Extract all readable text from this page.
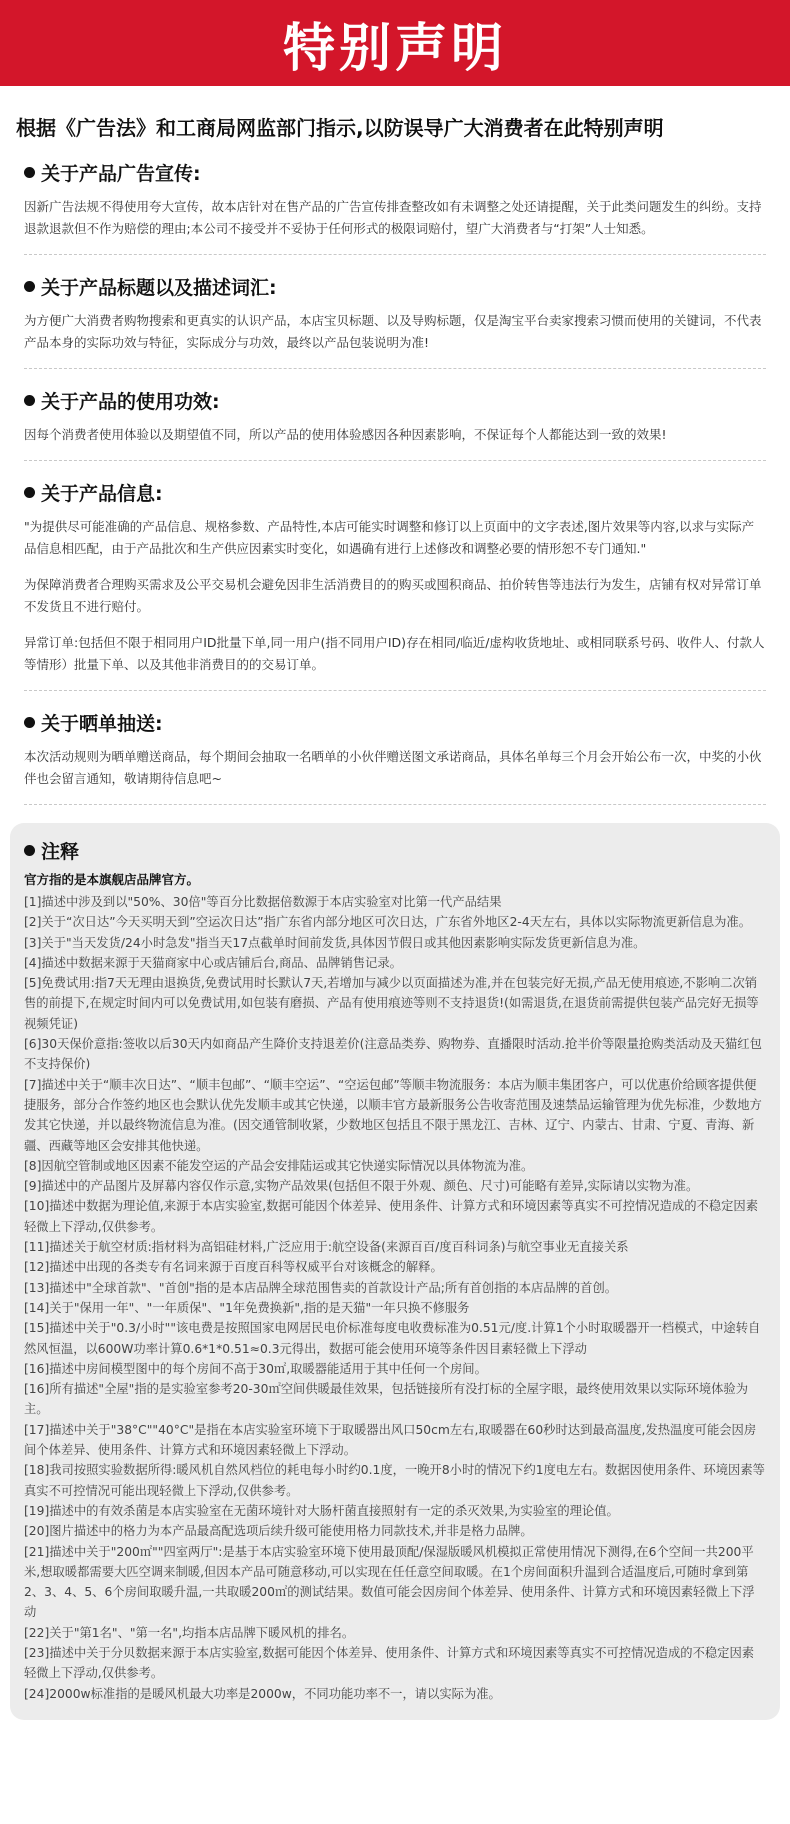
特别声明
根据《广告法》和工商局网监部门指示,以防误导广大消费者在此特别声明
关于产品广告宣传:

因新广告法规不得使用夸大宣传，故本店针对在售产品的广告宣传排查整改如有未调整之处还请提醒，关于此类问题发生的纠纷。支持退款退款但不作为赔偿的理由;本公司不接受并不妥协于任何形式的极限词赔付，望广大消费者与“打架”人士知悉。

关于产品标题以及描述词汇:

为方便广大消费者购物搜索和更真实的认识产品，本店宝贝标题、以及导购标题，仅是淘宝平台卖家搜索习惯而使用的关键词，不代表产品本身的实际功效与特征，实际成分与功效，最终以产品包装说明为准!

关于产品的使用功效:

因每个消费者使用体验以及期望值不同，所以产品的使用体验感因各种因素影响，不保证每个人都能达到一致的效果!

关于产品信息:

"为提供尽可能准确的产品信息、规格参数、产品特性,本店可能实时调整和修订以上页面中的文字表述,图片效果等内容,以求与实际产品信息相匹配，由于产品批次和生产供应因素实时变化，如遇确有进行上述修改和调整必要的情形恕不专门通知."

为保障消费者合理购买需求及公平交易机会避免因非生活消费目的的购买或囤积商品、拍价转售等违法行为发生，店铺有权对异常订单不发货且不进行赔付。

异常订单:包括但不限于相同用户ID批量下单,同一用户(指不同用户ID)存在相同/临近/虚构收货地址、或相同联系号码、收件人、付款人等情形）批量下单、以及其他非消费目的的交易订单。

关于晒单抽送:

本次活动规则为晒单赠送商品，每个期间会抽取一名晒单的小伙伴赠送图文承诺商品，具体名单每三个月会开始公布一次，中奖的小伙伴也会留言通知，敬请期待信息吧~

注释

官方指的是本旗舰店品牌官方。

[1]描述中涉及到以"50%、30倍"等百分比数据倍数源于本店实验室对比第一代产品结果

[2]关于“次日达”今天买明天到”空运次日达”指广东省内部分地区可次日达，广东省外地区2-4天左右，具体以实际物流更新信息为准。

[3]关于"当天发货/24小时急发"指当天17点截单时间前发货,具体因节假日或其他因素影响实际发货更新信息为准。

[4]描述中数据来源于天猫商家中心或店铺后台,商品、品牌销售记录。

[5]免费试用:指7天无理由退换货,免费试用时长默认7天,若增加与减少以页面描述为准,并在包装完好无损,产品无使用痕迹,不影响二次销售的前提下,在规定时间内可以免费试用,如包装有磨损、产品有使用痕迹等则不支持退货!(如需退货,在退货前需提供包装产品完好无损等视频凭证)

[6]30天保价意指:签收以后30天内如商品产生降价支持退差价(注意品类券、购物券、直播限时活动.抢半价等限量抢购类活动及天猫红包不支持保价)

[7]描述中关于“顺丰次日达”、“顺丰包邮”、“顺丰空运”、“空运包邮”等顺丰物流服务：本店为顺丰集团客户，可以优惠价给顾客提供便捷服务，部分合作签约地区也会默认优先发顺丰或其它快递，以顺丰官方最新服务公告收寄范围及速禁品运输管理为优先标准，少数地方发其它快递，并以最终物流信息为准。(因交通管制收紧，少数地区包括且不限于黑龙江、吉林、辽宁、内蒙古、甘肃、宁夏、青海、新疆、西藏等地区会安排其他快递。

[8]因航空管制或地区因素不能发空运的产品会安排陆运或其它快递实际情况以具体物流为准。

[9]描述中的产品图片及屏幕内容仅作示意,实物产品效果(包括但不限于外观、颜色、尺寸)可能略有差异,实际请以实物为准。

[10]描述中数据为理论值,来源于本店实验室,数据可能因个体差异、使用条件、计算方式和环境因素等真实不可控情况造成的不稳定因素轻微上下浮动,仅供参考。

[11]描述关于航空材质:指材料为高铝硅材料,广泛应用于:航空设备(来源百百/度百科词条)与航空事业无直接关系

[12]描述中出现的各类专有名词来源于百度百科等权威平台对该概念的解释。

[13]描述中"全球首款"、"首创"指的是本店品牌全球范围售卖的首款设计产品;所有首创指的本店品牌的首创。

[14]关于"保用一年"、"一年质保"、"1年免费换新",指的是天猫"一年只换不修服务

[15]描述中关于"0.3/小时""该电费是按照国家电网居民电价标准每度电收费标准为0.51元/度.计算1个小时取暖器开一档模式，中途转自然风恒温，以600W功率计算0.6*1*0.51≈0.3元得出，数据可能会使用环境等条件因目素轻微上下浮动

[16]描述中房间模型图中的每个房间不高于30㎡,取暖器能适用于其中任何一个房间。

[16]所有描述"全屋"指的是实验室参考20-30㎡空间供暖最佳效果，包括链接所有没打标的全屋字眼，最终使用效果以实际环境体验为主。

[17]描述中关于"38°C""40°C"是指在本店实验室环境下于取暖器出风口50cm左右,取暖器在60秒时达到最高温度,发热温度可能会因房间个体差异、使用条件、计算方式和环境因素轻微上下浮动。

[18]我司按照实验数据所得:暖风机自然风档位的耗电每小时约0.1度，一晚开8小时的情况下约1度电左右。数据因使用条件、环境因素等真实不可控情况可能出现轻微上下浮动,仅供参考。

[19]描述中的有效杀菌是本店实验室在无菌环境针对大肠杆菌直接照射有一定的杀灭效果,为实验室的理论值。

[20]图片描述中的格力为本产品最高配选项后续升级可能使用格力同款技术,并非是格力品牌。

[21]描述中关于"200㎡""四室两厅":是基于本店实验室环境下使用最顶配/保湿版暖风机模拟正常使用情况下测得,在6个空间一共200平米,想取暖都需要大匹空调来制暖,但因本产品可随意移动,可以实现在任任意空间取暖。在1个房间面积升温到合适温度后,可随时拿到第2、3、4、5、6个房间取暖升温,一共取暖200㎡的测试结果。数值可能会因房间个体差异、使用条件、计算方式和环境因素轻微上下浮动

[22]关于"第1名"、"第一名",均指本店品牌下暖风机的排名。

[23]描述中关于分贝数据来源于本店实验室,数据可能因个体差异、使用条件、计算方式和环境因素等真实不可控情况造成的不稳定因素轻微上下浮动,仅供参考。

[24]2000w标准指的是暖风机最大功率是2000w，不同功能功率不一，请以实际为准。
